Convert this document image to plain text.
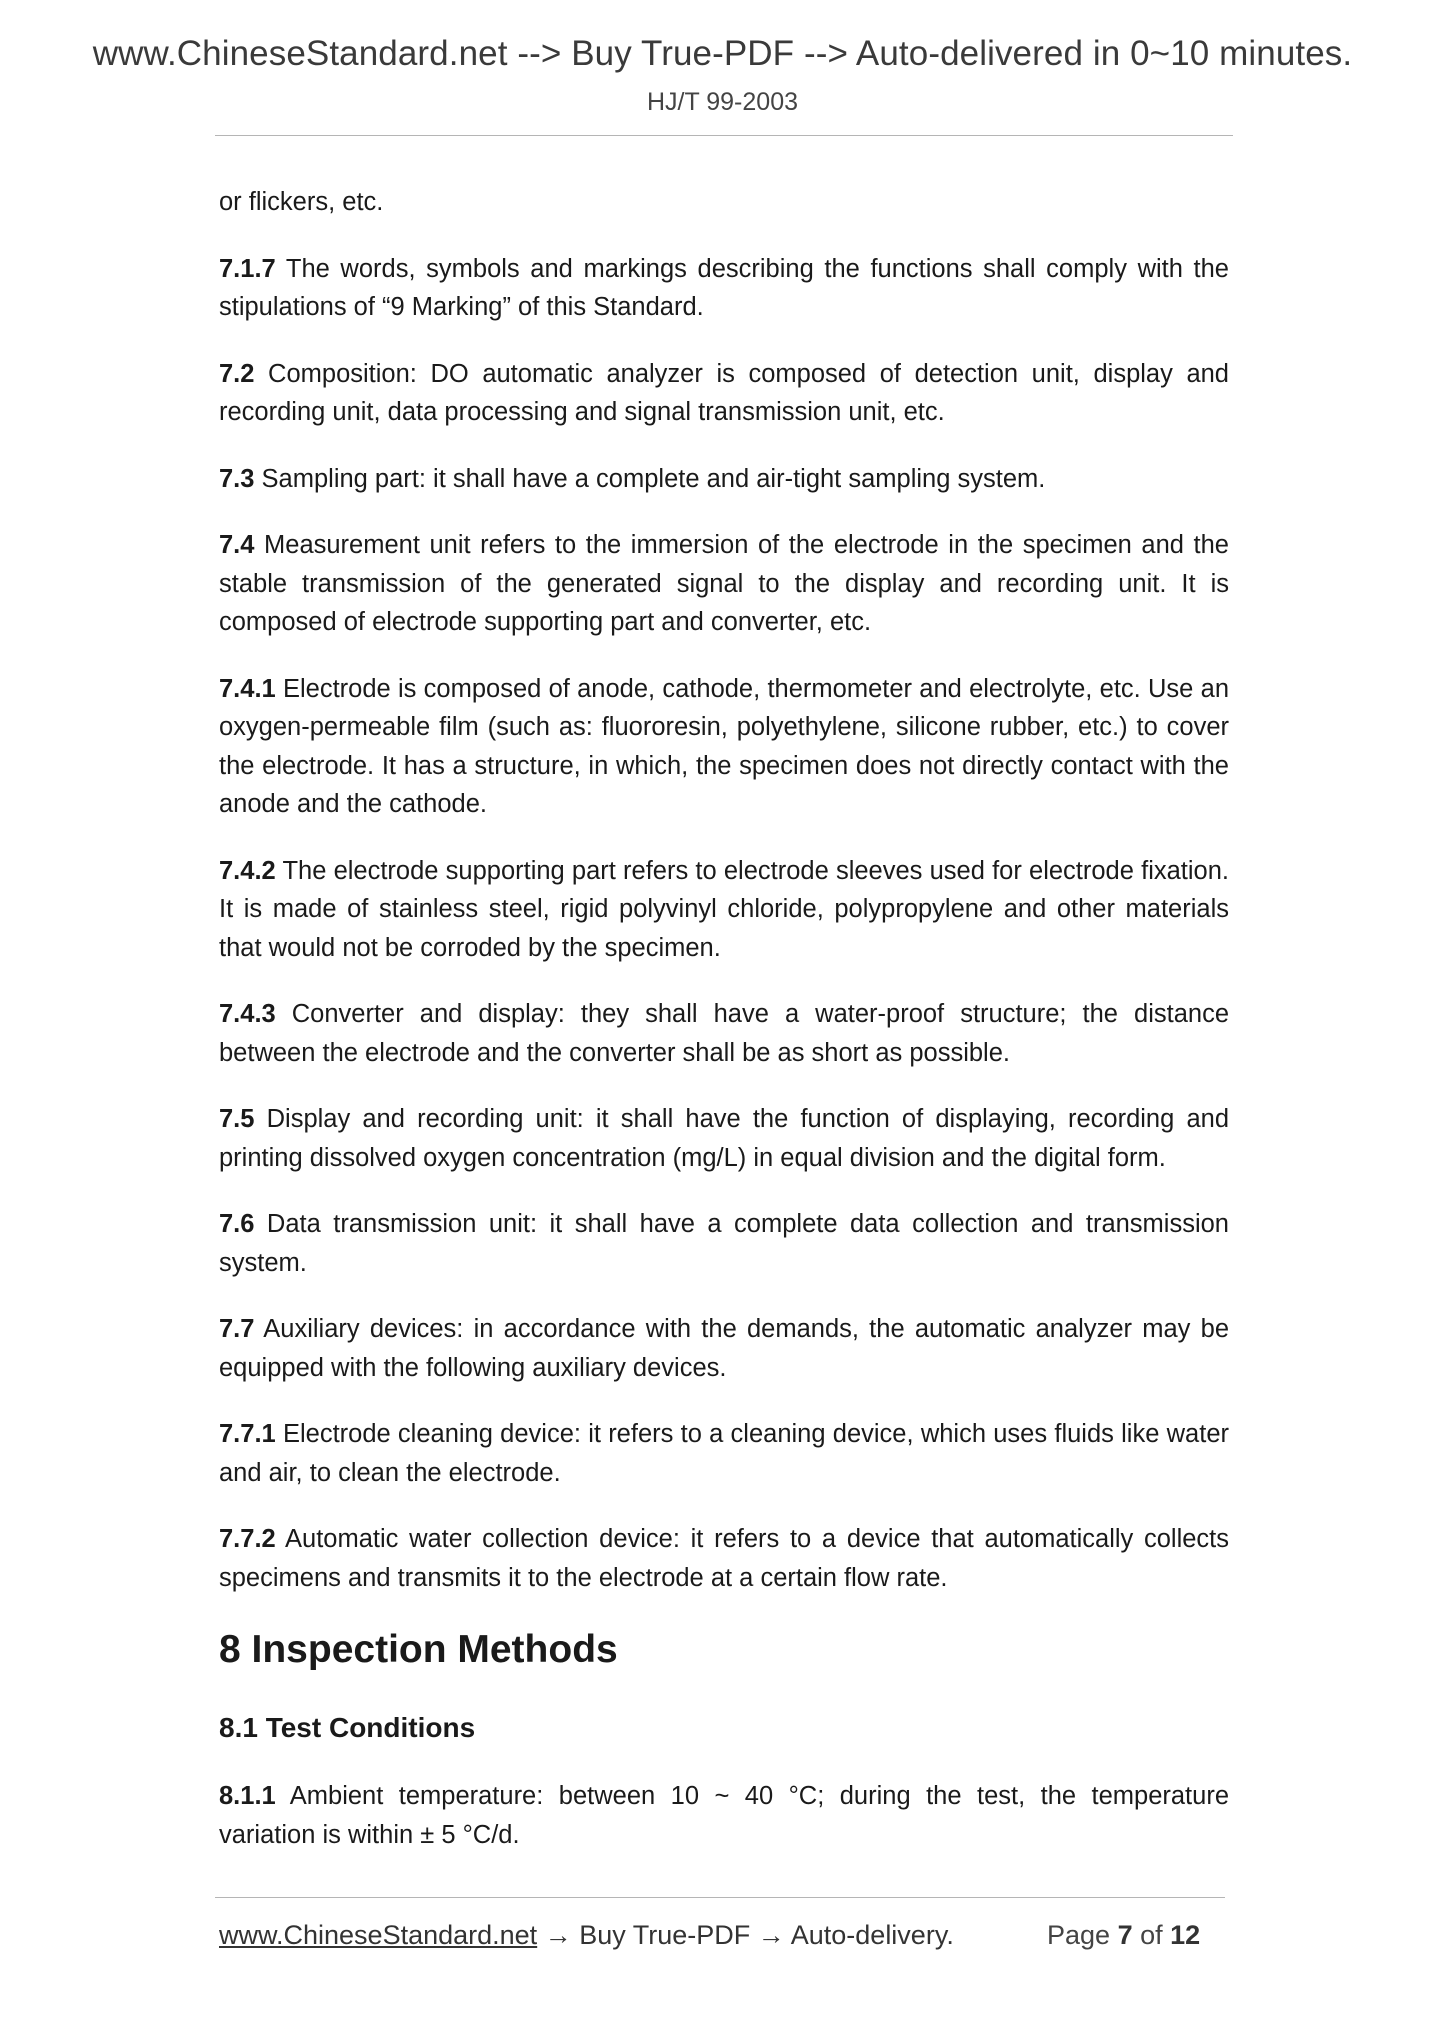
www.ChineseStandard.net --> Buy True-PDF --> Auto-delivered in 0~10 minutes.
HJ/T 99-2003

or flickers, etc.

7.1.7 The words, symbols and markings describing the functions shall comply with the stipulations of “9 Marking” of this Standard.

7.2 Composition: DO automatic analyzer is composed of detection unit, display and recording unit, data processing and signal transmission unit, etc.

7.3 Sampling part: it shall have a complete and air-tight sampling system.

7.4 Measurement unit refers to the immersion of the electrode in the specimen and the stable transmission of the generated signal to the display and recording unit. It is composed of electrode supporting part and converter, etc.

7.4.1 Electrode is composed of anode, cathode, thermometer and electrolyte, etc. Use an oxygen-permeable film (such as: fluororesin, polyethylene, silicone rubber, etc.) to cover the electrode. It has a structure, in which, the specimen does not directly contact with the anode and the cathode.

7.4.2 The electrode supporting part refers to electrode sleeves used for electrode fixation. It is made of stainless steel, rigid polyvinyl chloride, polypropylene and other materials that would not be corroded by the specimen.

7.4.3 Converter and display: they shall have a water-proof structure; the distance between the electrode and the converter shall be as short as possible.

7.5 Display and recording unit: it shall have the function of displaying, recording and printing dissolved oxygen concentration (mg/L) in equal division and the digital form.

7.6 Data transmission unit: it shall have a complete data collection and transmission system.

7.7 Auxiliary devices: in accordance with the demands, the automatic analyzer may be equipped with the following auxiliary devices.

7.7.1 Electrode cleaning device: it refers to a cleaning device, which uses fluids like water and air, to clean the electrode.

7.7.2 Automatic water collection device: it refers to a device that automatically collects specimens and transmits it to the electrode at a certain flow rate.

8 Inspection Methods
8.1 Test Conditions

8.1.1 Ambient temperature: between 10 ~ 40 °C; during the test, the temperature variation is within ± 5 °C/d.

www.ChineseStandard.net → Buy True-PDF → Auto-delivery.	Page 7 of 12
